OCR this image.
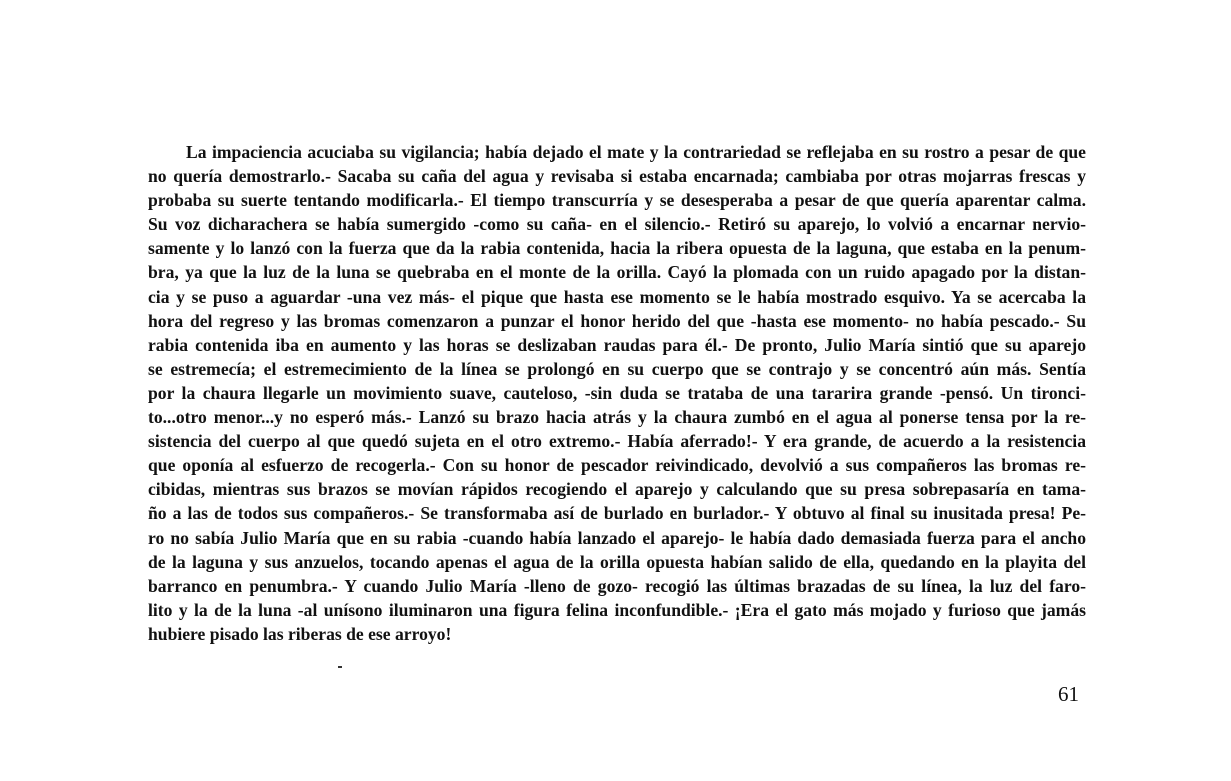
La impaciencia acuciaba su vigilancia; había dejado el mate y la contrariedad se reflejaba en su rostro a pesar de que
no quería demostrarlo.- Sacaba su caña del agua y revisaba si estaba encarnada; cambiaba por otras mojarras frescas y
probaba su suerte tentando modificarla.- El tiempo transcurría y se desesperaba a pesar de que quería aparentar calma.
Su voz dicharachera se había sumergido -como su caña- en el silencio.- Retiró su aparejo, lo volvió a encarnar nervio-
samente y lo lanzó con la fuerza que da la rabia contenida, hacia la ribera opuesta de la laguna, que estaba en la penum-
bra, ya que la luz de la luna se quebraba en el monte de la orilla. Cayó la plomada con un ruido apagado por la distan-
cia y se puso a aguardar -una vez más- el pique que hasta ese momento se le había mostrado esquivo. Ya se acercaba la
hora del regreso y las bromas comenzaron a punzar el honor herido del que -hasta ese momento- no había pescado.- Su
rabia contenida iba en aumento y las horas se deslizaban raudas para él.- De pronto, Julio María sintió que su aparejo
se estremecía; el estremecimiento de la línea se prolongó en su cuerpo que se contrajo y se concentró aún más. Sentía
por la chaura llegarle un movimiento suave, cauteloso, -sin duda se trataba de una tararira grande -pensó. Un tironci-
to...otro menor...y no esperó más.- Lanzó su brazo hacia atrás y la chaura zumbó en el agua al ponerse tensa por la re-
sistencia del cuerpo al que quedó sujeta en el otro extremo.- Había aferrado!- Y era grande, de acuerdo a la resistencia
que oponía al esfuerzo de recogerla.- Con su honor de pescador reivindicado, devolvió a sus compañeros las bromas re-
cibidas, mientras sus brazos se movían rápidos recogiendo el aparejo y calculando que su presa sobrepasaría en tama-
ño a las de todos sus compañeros.- Se transformaba así de burlado en burlador.- Y obtuvo al final su inusitada presa! Pe-
ro no sabía Julio María que en su rabia -cuando había lanzado el aparejo- le había dado demasiada fuerza para el ancho
de la laguna y sus anzuelos, tocando apenas el agua de la orilla opuesta habían salido de ella, quedando en la playita del
barranco en penumbra.- Y cuando Julio María -lleno de gozo- recogió las últimas brazadas de su línea, la luz del faro-
lito y la de la luna -al unísono iluminaron una figura felina inconfundible.- ¡Era el gato más mojado y furioso que jamás
hubiere pisado las riberas de ese arroyo!
61
